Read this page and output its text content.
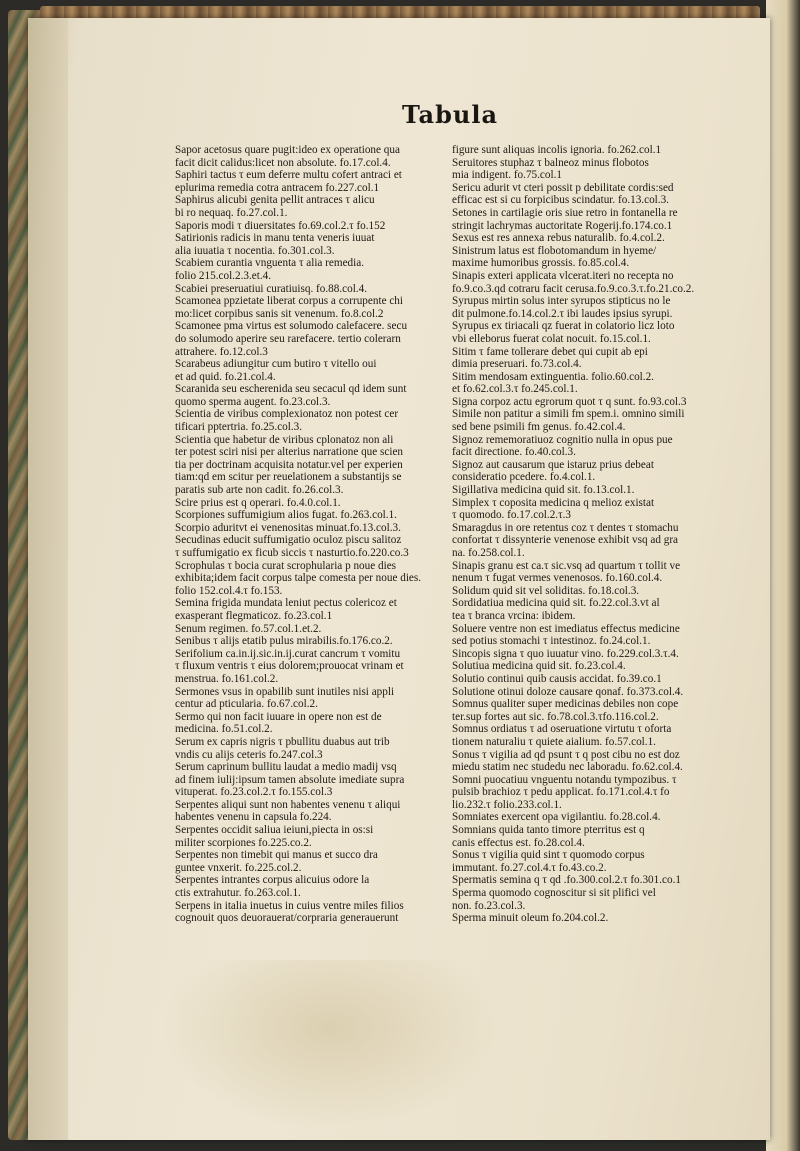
Tabula
Sapor acetosus quare pugit:ideo ex operatione qua
facit dicit calidus:licet non absolute. fo.17.col.4.
Saphiri tactus τ eum deferre multu cofert antraci et
eplurima remedia cotra antracem fo.227.col.1
Saphirus alicubi genita pellit antraces τ alicu
bi ro nequaq. fo.27.col.1.
Saporis modi τ diuersitates fo.69.col.2.τ fo.152
Satirionis radicis in manu tenta veneris iuuat
alia iuuatia τ nocentia. fo.301.col.3.
Scabiem curantia vnguenta τ alia remedia.
folio 215.col.2.3.et.4.
Scabiei preseruatiui curatiuisq. fo.88.col.4.
Scamonea ppzietate liberat corpus a corrupente chi
mo:licet corpibus sanis sit venenum. fo.8.col.2
Scamonee pma virtus est solumodo calefacere. secu
do solumodo aperire seu rarefacere. tertio colerarn
attrahere. fo.12.col.3
Scarabeus adiungitur cum butiro τ vitello oui
et ad quid. fo.21.col.4.
Scaranida seu escherenida seu secacul qd idem sunt
quomo sperma augent. fo.23.col.3.
Scientia de viribus complexionatoz non potest cer
tificari pptertria. fo.25.col.3.
Scientia que habetur de viribus cplonatoz non ali
ter potest sciri nisi per alterius narratione que scien
tia per doctrinam acquisita notatur.vel per experien
tiam:qd em scitur per reuelationem a substantijs se
paratis sub arte non cadit. fo.26.col.3.
Scire prius est q operari. fo.4.0.col.1.
Scorpiones suffumigium alios fugat. fo.263.col.1.
Scorpio aduritvt ei venenositas minuat.fo.13.col.3.
Secudinas educit suffumigatio oculoz piscu salitoz
τ suffumigatio ex ficub siccis τ nasturtio.fo.220.co.3
Scrophulas τ bocia curat scrophularia p noue dies
exhibita;idem facit corpus talpe comesta per noue dies.
folio 152.col.4.τ fo.153.
Semina frigida mundata leniut pectus colericoz et
exasperant flegmaticoz. fo.23.col.1
Senum regimen. fo.57.col.1.et.2.
Senibus τ alijs etatib pulus mirabilis.fo.176.co.2.
Serifolium ca.in.ij.sic.in.ij.curat cancrum τ vomitu
τ fluxum ventris τ eius dolorem;prouocat vrinam et
menstrua. fo.161.col.2.
Sermones vsus in opabilib sunt inutiles nisi appli
centur ad pticularia. fo.67.col.2.
Sermo qui non facit iuuare in opere non est de
medicina. fo.51.col.2.
Serum ex capris nigris τ pbullitu duabus aut trib
vndis cu alijs ceteris fo.247.col.3
Serum caprinum bullitu laudat a medio madij vsq
ad finem iulij:ipsum tamen absolute imediate supra
vituperat. fo.23.col.2.τ fo.155.col.3
Serpentes aliqui sunt non habentes venenu τ aliqui
habentes venenu in capsula fo.224.
Serpentes occidit saliua ieiuni,piecta in os:si
militer scorpiones fo.225.co.2.
Serpentes non timebit qui manus et succo dra
guntee vnxerit. fo.225.col.2.
Serpentes intrantes corpus alicuius odore la
ctis extrahutur. fo.263.col.1.
Serpens in italia inuetus in cuius ventre miles filios
cognouit quos deuorauerat/corpraria generauerunt
figure sunt aliquas incolis ignoria. fo.262.col.1
Seruitores stuphaz τ balneoz minus flobotos
mia indigent. fo.75.col.1
Sericu adurit vt cteri possit p debilitate cordis:sed
efficac est si cu forpicibus scindatur. fo.13.col.3.
Setones in cartilagie oris siue retro in fontanella re
stringit lachrymas auctoritate Rogerij.fo.174.co.1
Sexus est res annexa rebus naturalib. fo.4.col.2.
Sinistrum latus est flobotomandum in hyeme/
maxime humoribus grossis. fo.85.col.4.
Sinapis exteri applicata vlcerat.iteri no recepta no
fo.9.co.3.qd cotraru facit cerusa.fo.9.co.3.τ.fo.21.co.2.
Syrupus mirtin solus inter syrupos stipticus no le
dit pulmone.fo.14.col.2.τ ibi laudes ipsius syrupi.
Syrupus ex tiriacali qz fuerat in colatorio licz loto
vbi elleborus fuerat colat nocuit. fo.15.col.1.
Sitim τ fame tollerare debet qui cupit ab epi
dimia preseruari. fo.73.col.4.
Sitim mendosam extinguentia. folio.60.col.2.
et fo.62.col.3.τ fo.245.col.1.
Signa corpoz actu egrorum quot τ q sunt. fo.93.col.3
Simile non patitur a simili fm spem.i. omnino simili
sed bene psimili fm genus. fo.42.col.4.
Signoz rememoratiuoz cognitio nulla in opus pue
facit directione. fo.40.col.3.
Signoz aut causarum que istaruz prius debeat
consideratio pcedere. fo.4.col.1.
Sigillativa medicina quid sit. fo.13.col.1.
Simplex τ coposita medicina q melioz existat
τ quomodo. fo.17.col.2.τ.3
Smaragdus in ore retentus coz τ dentes τ stomachu
confortat τ dissynterie venenose exhibit vsq ad gra
na. fo.258.col.1.
Sinapis granu est ca.τ sic.vsq ad quartum τ tollit ve
nenum τ fugat vermes venenosos. fo.160.col.4.
Solidum quid sit vel soliditas. fo.18.col.3.
Sordidatiua medicina quid sit. fo.22.col.3.vt al
tea τ branca vrcina: ibidem.
Soluere ventre non est imediatus effectus medicine
sed potius stomachi τ intestinoz. fo.24.col.1.
Sincopis signa τ quo iuuatur vino. fo.229.col.3.τ.4.
Solutiua medicina quid sit. fo.23.col.4.
Solutio continui quib causis accidat. fo.39.co.1
Solutione otinui doloze causare qonaf. fo.373.col.4.
Somnus qualiter super medicinas debiles non cope
ter.sup fortes aut sic. fo.78.col.3.τfo.116.col.2.
Somnus ordiatus τ ad oseruatione virtutu τ oforta
tionem naturaliu τ quiete aialium. fo.57.col.1.
Sonus τ vigilia ad qd psunt τ q post cibu no est doz
miedu statim nec studedu nec laboradu. fo.62.col.4.
Somni puocatiuu vnguentu notandu tympozibus. τ
pulsib brachioz τ pedu applicat. fo.171.col.4.τ fo
lio.232.τ folio.233.col.1.
Somniates exercent opa vigilantiu. fo.28.col.4.
Somnians quida tanto timore pterritus est q
canis effectus est. fo.28.col.4.
Sonus τ vigilia quid sint τ quomodo corpus
immutant. fo.27.col.4.τ fo.43.co.2.
Spermatis semina q τ qd .fo.300.col.2.τ fo.301.co.1
Sperma quomodo cognoscitur si sit plifici vel
non. fo.23.col.3.
Sperma minuit oleum fo.204.col.2.
